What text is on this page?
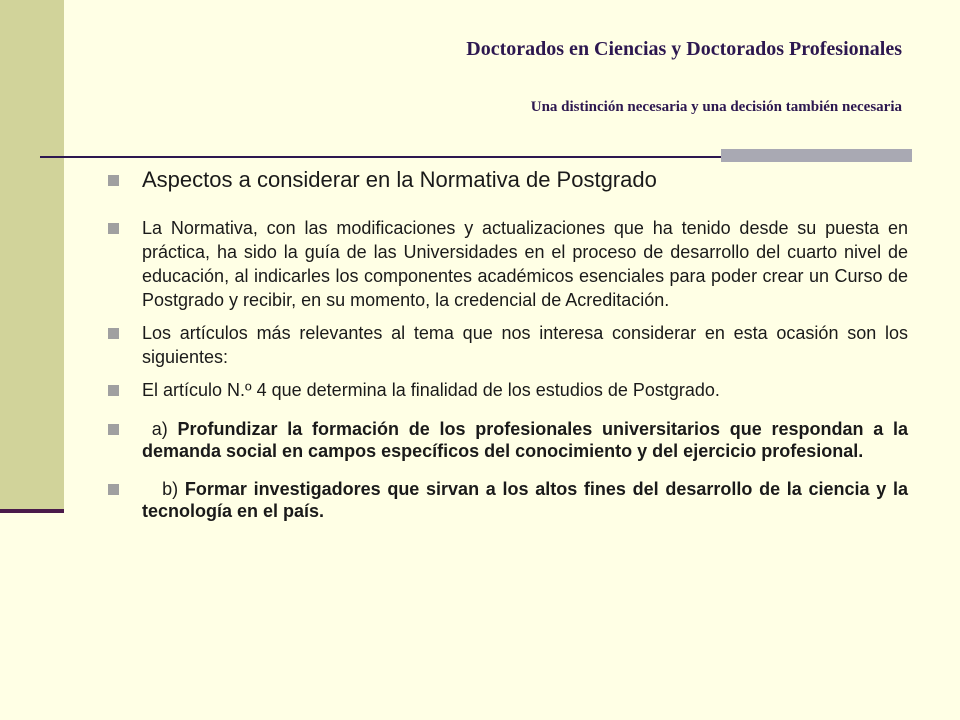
Doctorados en Ciencias y Doctorados Profesionales
Una distinción necesaria y una decisión también necesaria
Aspectos a considerar en la Normativa de Postgrado
La Normativa, con las modificaciones y actualizaciones que ha tenido desde su puesta en práctica, ha sido la guía de las Universidades en el proceso de desarrollo del cuarto nivel de educación, al indicarles los componentes académicos esenciales para poder crear un Curso de Postgrado y recibir, en su momento, la credencial de Acreditación.
Los artículos más relevantes al tema que nos interesa considerar en esta ocasión son los siguientes:
El artículo N.º 4 que determina la finalidad de los estudios de Postgrado.
a) Profundizar la formación de los profesionales universitarios que respondan a la demanda social en campos específicos del conocimiento y del ejercicio profesional.
b) Formar investigadores que sirvan a los altos fines del desarrollo de la ciencia y la tecnología en el país.
